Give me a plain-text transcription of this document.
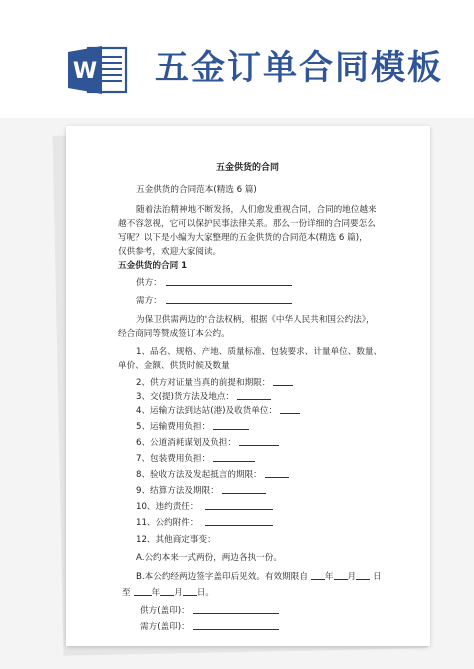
W 五金订单合同模板
五金供货的合同
五金供货的合同范本(精选 6 篇)
随着法治精神地不断发扬，人们愈发重视合同，合同的地位越来
越不容忽视，它可以保护民事法律关系。那么一份详细的合同要怎么
写呢？以下是小编为大家整理的五金供货的合同范本(精选 6 篇)，
仅供参考，欢迎大家阅读。
五金供货的合同 1
供方：
需方：
为保卫供需两边的'合法权柄，根据《中华人民共和国公约法》，
经合商同等赞成签订本公约。
1、品名、规格、产地、质量标准、包装要求、计量单位、数量、
单价、金额、供货时候及数量
2、供方对证量当真的前提和期限：
3、交(提)货方法及地点：
4、运输方法到达站(港)及收货单位：
5、运输费用负担：
6、公道消耗谋划及负担：
7、包装费用负担：
8、验收方法及发起抵言的期限：
9、结算方法及期限：
10、违约责任：
11、公约附件：
12、其他商定事变：
A.公约本来一式两份，两边各执一份。
B.本公约经两边签字盖印后见效。有效期限自 年 月 日
至 年 月 日。
供方(盖印)：
需方(盖印)：
